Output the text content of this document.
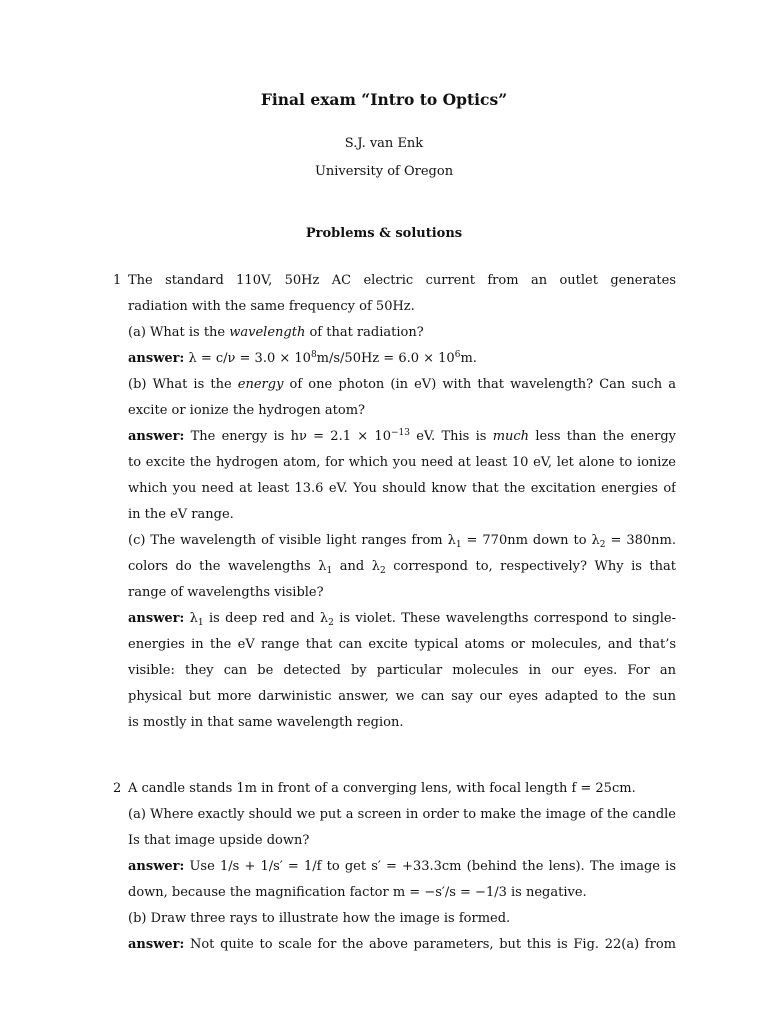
Final exam “Intro to Optics”
S.J. van Enk
University of Oregon
Problems & solutions
1 The standard 110V, 50Hz AC electric current from an outlet generates
radiation with the same frequency of 50Hz.
(a) What is the wavelength of that radiation?
answer: $\lambda = c/\nu = 3.0 \times 10^8m/s/50Hz = 6.0 \times 10^6m$.
(b) What is the energy of one photon (in eV) with that wavelength? Can such a
excite or ionize the hydrogen atom?
answer: The energy is $h\nu = 2.1 \times 10^{-13}$ eV. This is much less than the energy
to excite the hydrogen atom, for which you need at least 10 eV, let alone to ionize
which you need at least 13.6 eV. You should know that the excitation energies of
in the eV range.
(c) The wavelength of visible light ranges from $\lambda_1 = 770nm$ down to $\lambda_2 = 380nm$.
colors do the wavelengths $\lambda_1$ and $\lambda_2$ correspond to, respectively? Why is that
range of wavelengths visible?
answer: $\lambda_1$ is deep red and $\lambda_2$ is violet. These wavelengths correspond to single-
energies in the eV range that can excite typical atoms or molecules, and that’s
visible: they can be detected by particular molecules in our eyes. For an
physical but more darwinistic answer, we can say our eyes adapted to the sun
is mostly in that same wavelength region.
2 A candle stands 1m in front of a converging lens, with focal length f = 25cm.
(a) Where exactly should we put a screen in order to make the image of the candle
Is that image upside down?
answer: Use 1/s + 1/s′ = 1/f to get s′ = +33.3cm (behind the lens). The image is
down, because the magnification factor m = −s′/s = −1/3 is negative.
(b) Draw three rays to illustrate how the image is formed.
answer: Not quite to scale for the above parameters, but this is Fig. 22(a) from
